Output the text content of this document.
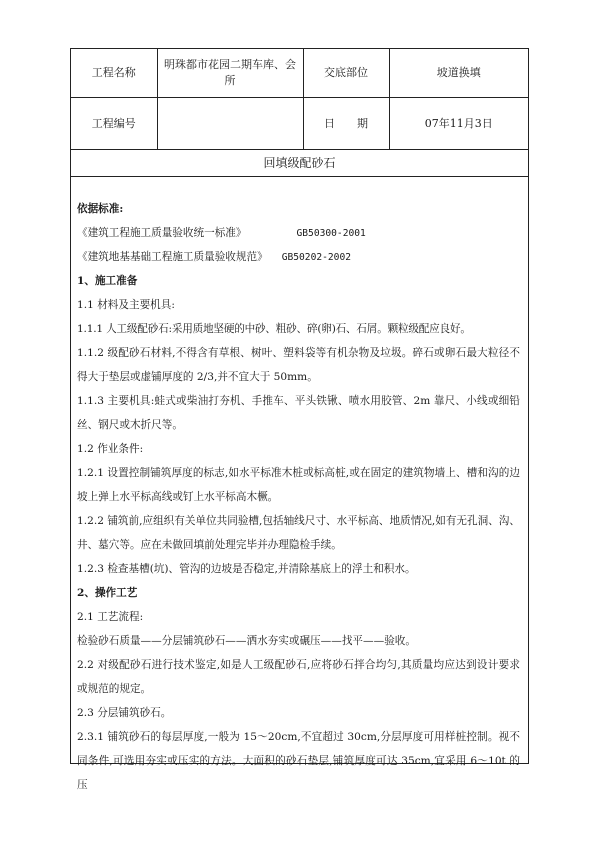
工程名称	明珠都市花园二期车库、会所	交底部位	坡道换填
工程编号		日　　期	07年11月3日
回填级配砂石

依据标准:

《建筑工程施工质量验收统一标准》	GB50300-2001

《建筑地基基础工程施工质量验收规范》 GB50202-2002

1、施工准备

1.1 材料及主要机具:

1.1.1 人工级配砂石:采用质地坚硬的中砂、粗砂、碎(卵)石、石屑。颗粒级配应良好。

1.1.2 级配砂石材料,不得含有草根、树叶、塑料袋等有机杂物及垃圾。碎石或卵石最大粒径不得大于垫层或虚铺厚度的 2/3,并不宜大于 50mm。

1.1.3 主要机具:蛙式或柴油打夯机、手推车、平头铁锹、喷水用胶管、2m 靠尺、小线或细铅丝、钢尺或木折尺等。

1.2 作业条件:

1.2.1 设置控制铺筑厚度的标志,如水平标准木桩或标高桩,或在固定的建筑物墙上、槽和沟的边坡上弹上水平标高线或钉上水平标高木橛。

1.2.2 铺筑前,应组织有关单位共同验槽,包括轴线尺寸、水平标高、地质情况,如有无孔洞、沟、井、墓穴等。应在未做回填前处理完毕并办理隐检手续。

1.2.3 检查基槽(坑)、管沟的边坡是否稳定,并清除基底上的浮土和积水。

2、操作工艺

2.1 工艺流程:

检验砂石质量——分层铺筑砂石——洒水夯实或碾压——找平——验收。

2.2 对级配砂石进行技术鉴定,如是人工级配砂石,应将砂石拌合均匀,其质量均应达到设计要求或规范的规定。

2.3 分层铺筑砂石。

2.3.1 铺筑砂石的每层厚度,一般为 15～20cm,不宜超过 30cm,分层厚度可用样桩控制。视不同条件,可选用夯实或压实的方法。大面积的砂石垫层,铺筑厚度可达 35cm,宜采用 6～10t 的压
